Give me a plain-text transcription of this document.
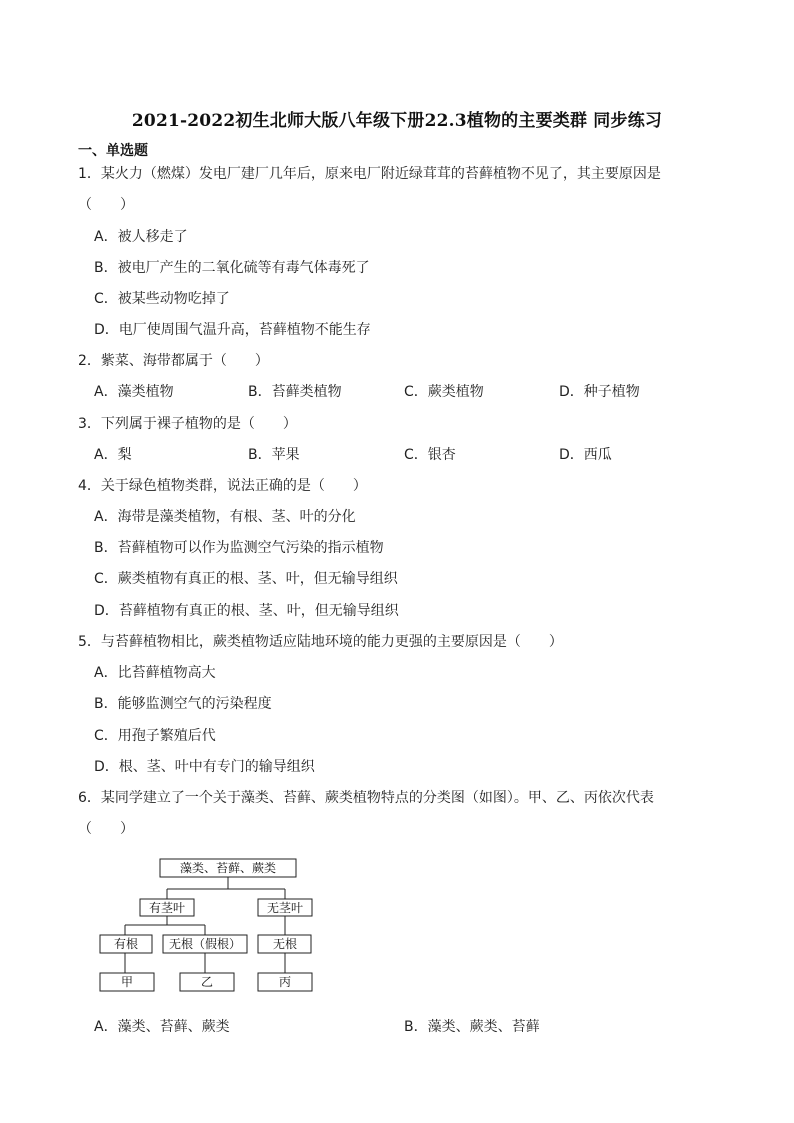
2021-2022初生北师大版八年级下册22.3植物的主要类群 同步练习
一、单选题
1．某火力（燃煤）发电厂建厂几年后，原来电厂附近绿茸茸的苔藓植物不见了，其主要原因是
（　　）
A．被人移走了
B．被电厂产生的二氧化硫等有毒气体毒死了
C．被某些动物吃掉了
D．电厂使周围气温升高，苔藓植物不能生存
2．紫菜、海带都属于（　　）
A．藻类植物	B．苔藓类植物	C．蕨类植物	D．种子植物
3．下列属于裸子植物的是（　　）
A．梨	B．苹果	C．银杏	D．西瓜
4．关于绿色植物类群，说法正确的是（　　）
A．海带是藻类植物，有根、茎、叶的分化
B．苔藓植物可以作为监测空气污染的指示植物
C．蕨类植物有真正的根、茎、叶，但无输导组织
D．苔藓植物有真正的根、茎、叶，但无输导组织
5．与苔藓植物相比，蕨类植物适应陆地环境的能力更强的主要原因是（　　）
A．比苔藓植物高大
B．能够监测空气的污染程度
C．用孢子繁殖后代
D．根、茎、叶中有专门的输导组织
6．某同学建立了一个关于藻类、苔藓、蕨类植物特点的分类图（如图）。甲、乙、丙依次代表
（　　）
藻类、苔藓、蕨类
有茎叶	无茎叶
有根	无根（假根）	无根
甲	乙	丙
A．藻类、苔藓、蕨类	B．藻类、蕨类、苔藓
